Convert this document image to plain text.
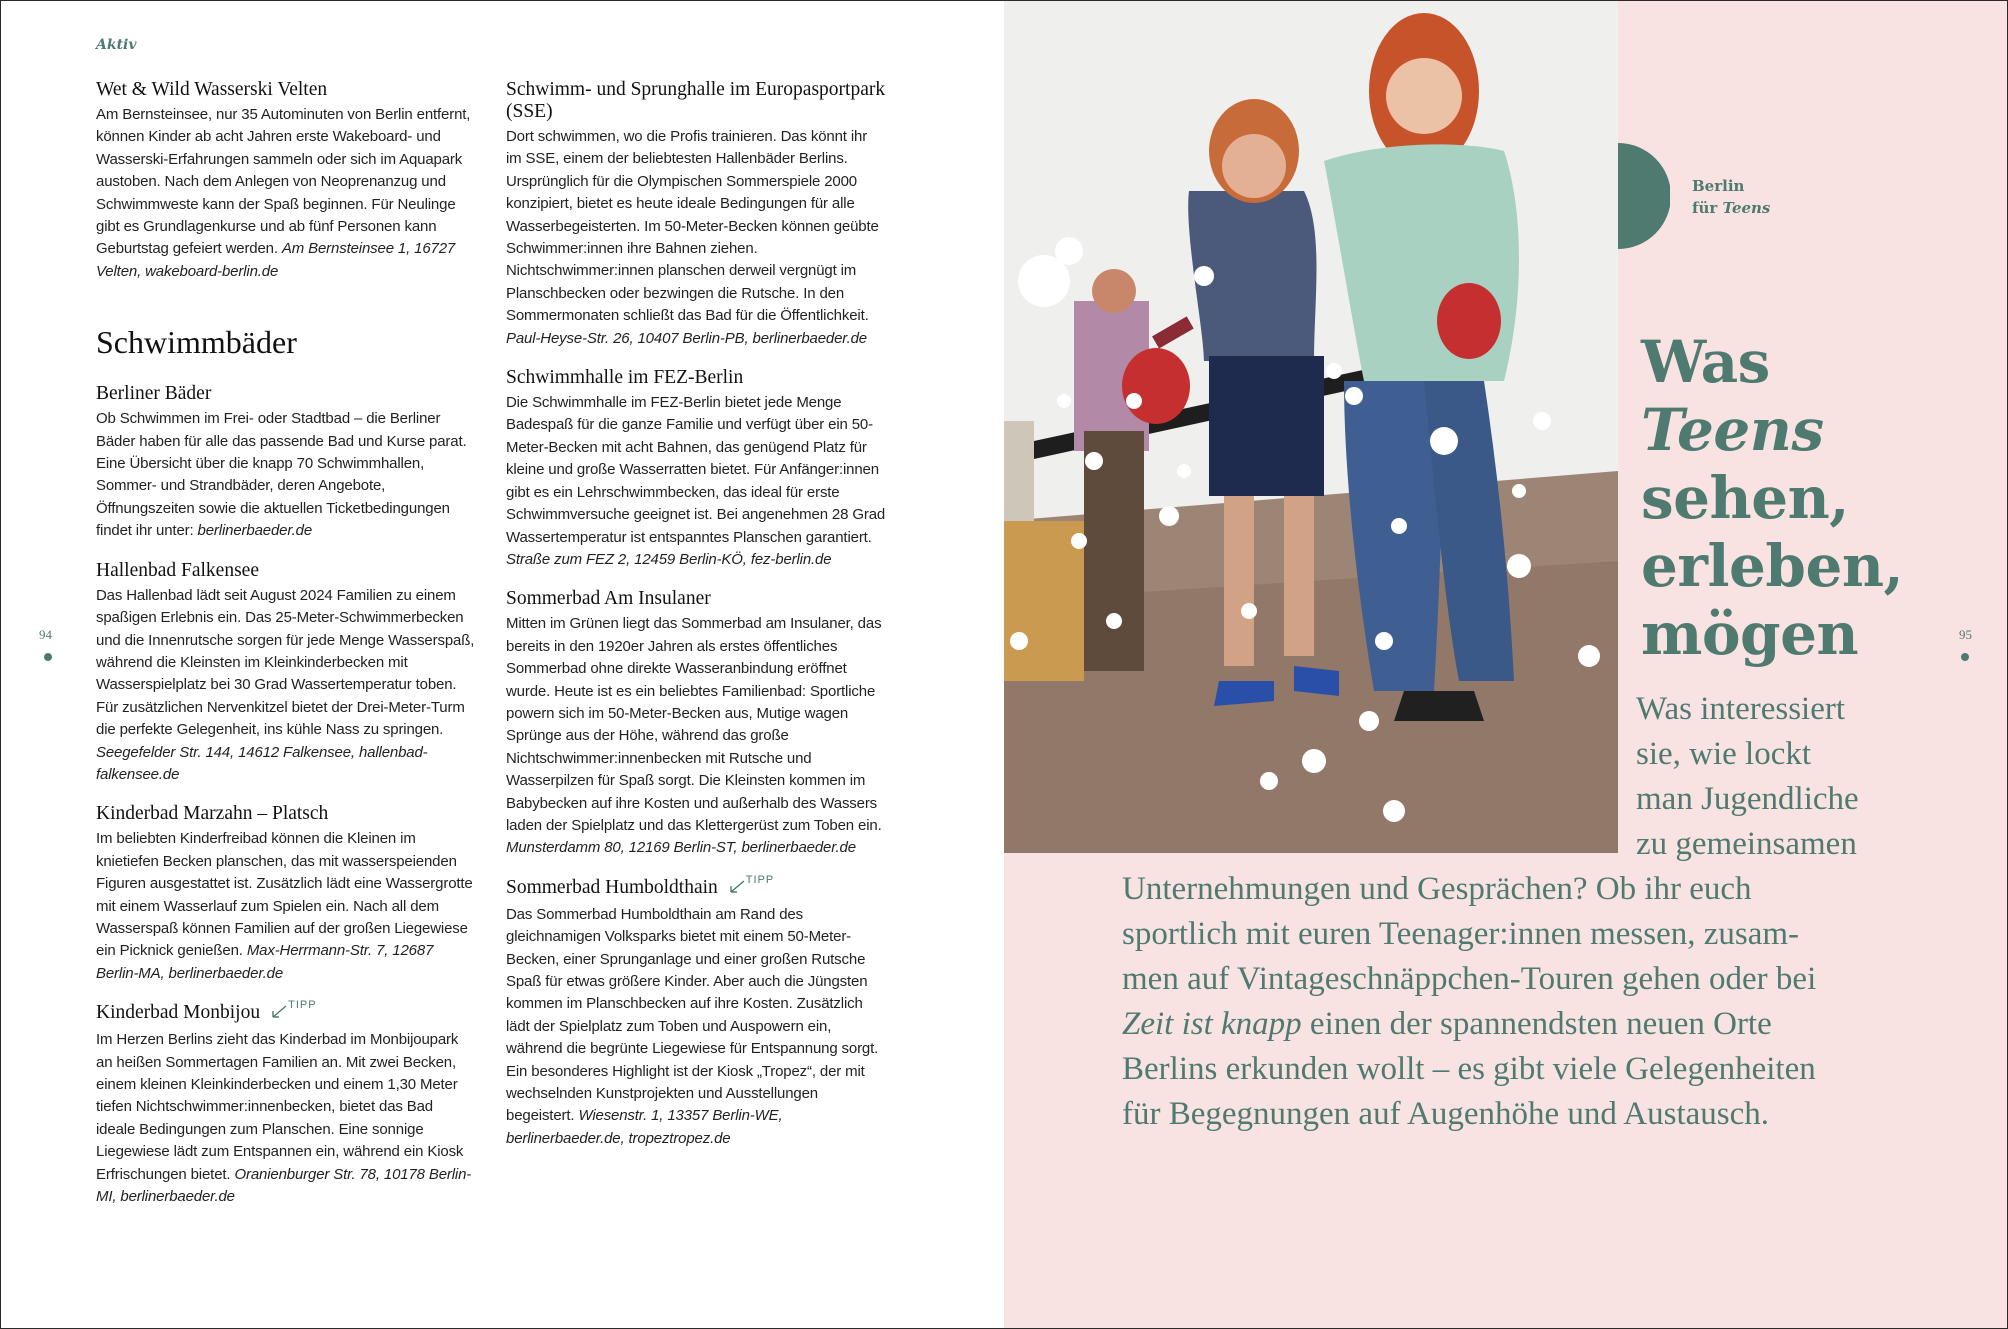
Aktiv
Wet & Wild Wasserski Velten

Am Bernsteinsee, nur 35 Autominuten von Berlin entfernt, können Kinder ab acht Jahren erste Wakeboard- und Wasserski-Erfahrungen sammeln oder sich im Aquapark austoben. Nach dem Anlegen von Neoprenanzug und Schwimmweste kann der Spaß beginnen. Für Neulinge gibt es Grundlagenkurse und ab fünf Personen kann Geburtstag gefeiert werden. Am Bernsteinsee 1, 16727 Velten, wakeboard-berlin.de

Schwimmbäder
Berliner Bäder

Ob Schwimmen im Frei- oder Stadtbad – die Berliner Bäder haben für alle das passende Bad und Kurse parat. Eine Übersicht über die knapp 70 Schwimmhallen, Sommer- und Strandbäder, deren Angebote, Öffnungszeiten sowie die aktuellen Ticketbedingungen findet ihr unter: berlinerbaeder.de

Hallenbad Falkensee

Das Hallenbad lädt seit August 2024 Familien zu einem spaßigen Erlebnis ein. Das 25-Meter-Schwimmerbecken und die Innenrutsche sorgen für jede Menge Wasserspaß, während die Kleinsten im Kleinkinderbecken mit Wasserspielplatz bei 30 Grad Wassertemperatur toben. Für zusätzlichen Nervenkitzel bietet der Drei-Meter-Turm die perfekte Gelegenheit, ins kühle Nass zu springen. Seegefelder Str. 144, 14612 Falkensee, hallenbad-falkensee.de

Kinderbad Marzahn – Platsch

Im beliebten Kinderfreibad können die Kleinen im knietiefen Becken planschen, das mit wasserspeienden Figuren ausgestattet ist. Zusätzlich lädt eine Wassergrotte mit einem Wasserlauf zum Spielen ein. Nach all dem Wasserspaß können Familien auf der großen Liegewiese ein Picknick genießen. Max-Herrmann-Str. 7, 12687 Berlin-MA, berlinerbaeder.de

Kinderbad Monbijou	TIPP

Im Herzen Berlins zieht das Kinderbad im Monbijoupark an heißen Sommertagen Familien an. Mit zwei Becken, einem kleinen Kleinkinderbecken und einem 1,30 Meter tiefen Nichtschwimmer:innenbecken, bietet das Bad ideale Bedingungen zum Planschen. Eine sonnige Liegewiese lädt zum Entspannen ein, während ein Kiosk Erfrischungen bietet. Oranienburger Str. 78, 10178 Berlin-MI, berlinerbaeder.de

Schwimm- und Sprunghalle im Europasportpark (SSE)

Dort schwimmen, wo die Profis trainieren. Das könnt ihr im SSE, einem der beliebtesten Hallenbäder Berlins. Ursprünglich für die Olympischen Sommerspiele 2000 konzipiert, bietet es heute ideale Bedingungen für alle Wasserbegeisterten. Im 50-Meter-Becken können geübte Schwimmer:innen ihre Bahnen ziehen. Nichtschwimmer:innen planschen derweil vergnügt im Planschbecken oder bezwingen die Rutsche. In den Sommermonaten schließt das Bad für die Öffentlichkeit. Paul-Heyse-Str. 26, 10407 Berlin-PB, berlinerbaeder.de

Schwimmhalle im FEZ-Berlin

Die Schwimmhalle im FEZ-Berlin bietet jede Menge Badespaß für die ganze Familie und verfügt über ein 50-Meter-Becken mit acht Bahnen, das genügend Platz für kleine und große Wasserratten bietet. Für Anfänger:innen gibt es ein Lehrschwimmbecken, das ideal für erste Schwimmversuche geeignet ist. Bei angenehmen 28 Grad Wassertemperatur ist entspanntes Planschen garantiert. Straße zum FEZ 2, 12459 Berlin-KÖ, fez-berlin.de

Sommerbad Am Insulaner

Mitten im Grünen liegt das Sommerbad am Insulaner, das bereits in den 1920er Jahren als erstes öffentliches Sommerbad ohne direkte Wasseranbindung eröffnet wurde. Heute ist es ein beliebtes Familienbad: Sportliche powern sich im 50-Meter-Becken aus, Mutige wagen Sprünge aus der Höhe, während das große Nichtschwimmer:innenbecken mit Rutsche und Wasserpilzen für Spaß sorgt. Die Kleinsten kommen im Babybecken auf ihre Kosten und außerhalb des Wassers laden der Spielplatz und das Klettergerüst zum Toben ein. Munsterdamm 80, 12169 Berlin-ST, berlinerbaeder.de

Sommerbad Humboldthain	TIPP

Das Sommerbad Humboldthain am Rand des gleichnamigen Volksparks bietet mit einem 50-Meter-Becken, einer Sprunganlage und einer großen Rutsche Spaß für etwas größere Kinder. Aber auch die Jüngsten kommen im Planschbecken auf ihre Kosten. Zusätzlich lädt der Spielplatz zum Toben und Auspowern ein, während die begrünte Liegewiese für Entspannung sorgt. Ein besonderes Highlight ist der Kiosk „Tropez“, der mit wechselnden Kunstprojekten und Ausstellungen begeistert. Wiesenstr. 1, 13357 Berlin-WE, berlinerbaeder.de, tropeztropez.de

94
Berlin
für Teens
Was
Teens
sehen,
erleben,
mögen

Was interessiert

sie, wie lockt

man Jugendliche

zu gemeinsamen

Unternehmungen und Gesprächen? Ob ihr euch

sportlich mit euren Teenager:innen messen, zusam-

men auf Vintageschnäppchen-Touren gehen oder bei

Zeit ist knapp einen der spannendsten neuen Orte

Berlins erkunden wollt – es gibt viele Gelegenheiten

für Begegnungen auf Augenhöhe und Austausch.

95
